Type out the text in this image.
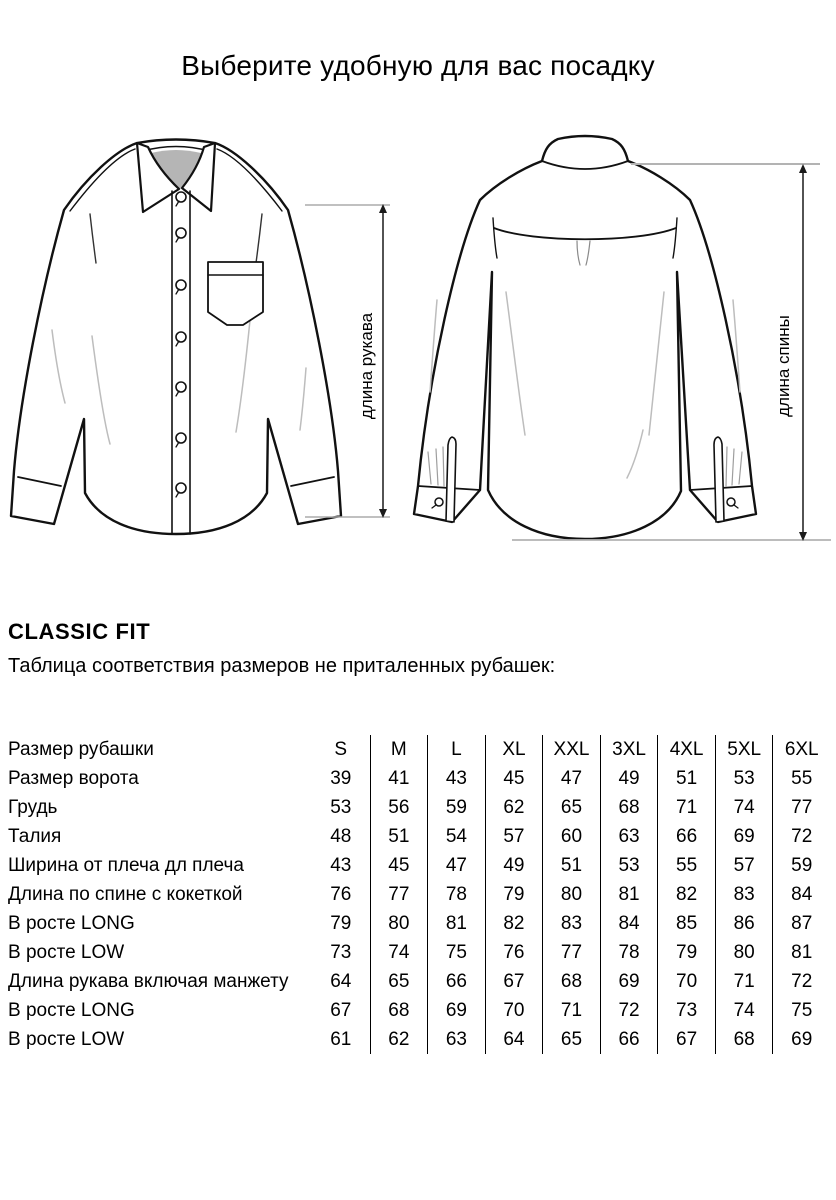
Выберите удобную для вас посадку
длина рукава	длина спины
CLASSIC FIT
Таблица соответствия размеров не приталенных рубашек:
Размер рубашки	S	M	L	XL	XXL	3XL	4XL	5XL	6XL
Размер ворота	39	41	43	45	47	49	51	53	55
Грудь	53	56	59	62	65	68	71	74	77
Талия	48	51	54	57	60	63	66	69	72
Ширина от плеча дл плеча	43	45	47	49	51	53	55	57	59
Длина по спине с кокеткой	76	77	78	79	80	81	82	83	84
В росте LONG	79	80	81	82	83	84	85	86	87
В росте LOW	73	74	75	76	77	78	79	80	81
Длина рукава включая манжету	64	65	66	67	68	69	70	71	72
В росте LONG	67	68	69	70	71	72	73	74	75
В росте LOW	61	62	63	64	65	66	67	68	69
